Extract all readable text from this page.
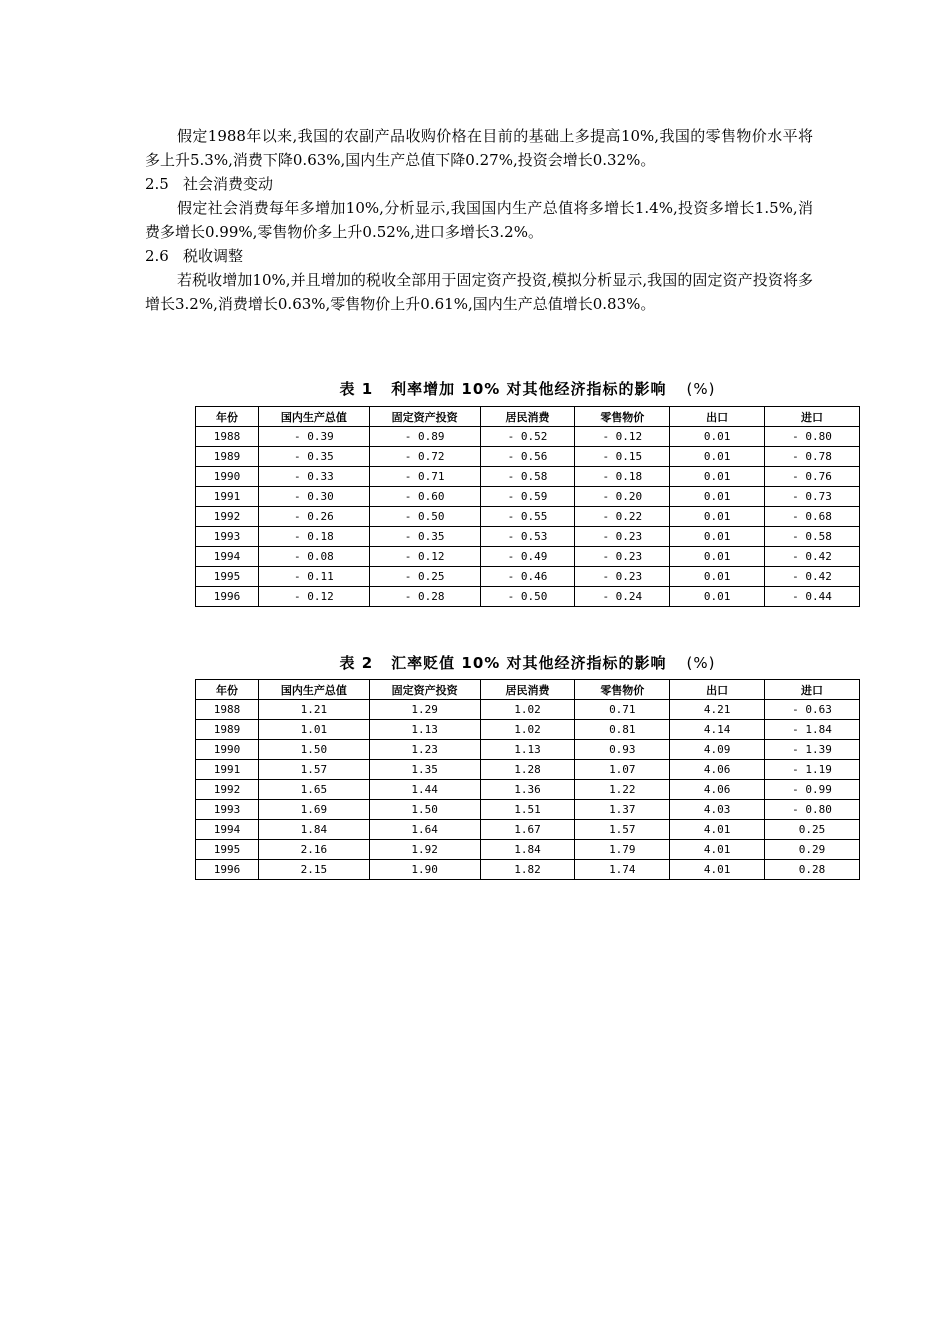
假定1988年以来,我国的农副产品收购价格在目前的基础上多提高10%,我国的零售物价水平将多上升5.3%,消费下降0.63%,国内生产总值下降0.27%,投资会增长0.32%。

2.5 社会消费变动

假定社会消费每年多增加10%,分析显示,我国国内生产总值将多增长1.4%,投资多增长1.5%,消费多增长0.99%,零售物价多上升0.52%,进口多增长3.2%。

2.6 税收调整

若税收增加10%,并且增加的税收全部用于固定资产投资,模拟分析显示,我国的固定资产投资将多增长3.2%,消费增长0.63%,零售物价上升0.61%,国内生产总值增长0.83%。

表 1 利率增加 10% 对其他经济指标的影响 (%)
年份	国内生产总值	固定资产投资	居民消费	零售物价	出口	进口
1988	- 0.39	- 0.89	- 0.52	- 0.12	0.01	- 0.80
1989	- 0.35	- 0.72	- 0.56	- 0.15	0.01	- 0.78
1990	- 0.33	- 0.71	- 0.58	- 0.18	0.01	- 0.76
1991	- 0.30	- 0.60	- 0.59	- 0.20	0.01	- 0.73
1992	- 0.26	- 0.50	- 0.55	- 0.22	0.01	- 0.68
1993	- 0.18	- 0.35	- 0.53	- 0.23	0.01	- 0.58
1994	- 0.08	- 0.12	- 0.49	- 0.23	0.01	- 0.42
1995	- 0.11	- 0.25	- 0.46	- 0.23	0.01	- 0.42
1996	- 0.12	- 0.28	- 0.50	- 0.24	0.01	- 0.44
表 2 汇率贬值 10% 对其他经济指标的影响 (%)
年份	国内生产总值	固定资产投资	居民消费	零售物价	出口	进口
1988	1.21	1.29	1.02	0.71	4.21	- 0.63
1989	1.01	1.13	1.02	0.81	4.14	- 1.84
1990	1.50	1.23	1.13	0.93	4.09	- 1.39
1991	1.57	1.35	1.28	1.07	4.06	- 1.19
1992	1.65	1.44	1.36	1.22	4.06	- 0.99
1993	1.69	1.50	1.51	1.37	4.03	- 0.80
1994	1.84	1.64	1.67	1.57	4.01	0.25
1995	2.16	1.92	1.84	1.79	4.01	0.29
1996	2.15	1.90	1.82	1.74	4.01	0.28
